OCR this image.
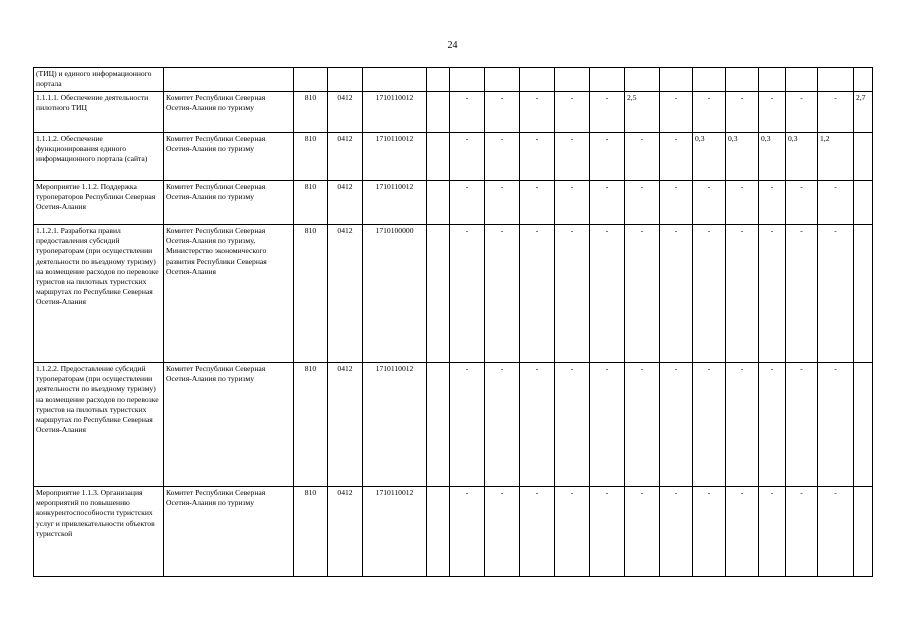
24
(ТИЦ) и единого информационного портала																		
1.1.1.1. Обеспечение деятельности пилотного ТИЦ	Комитет Республики Северная Осетия-Алания по туризму	810	0412	1710110012		-	-	-	-	-	2,5	-	-	-	-	-	-	2,7
1.1.1.2. Обеспечение функционирования единого информационного портала (сайта)	Комитет Республики Северная Осетия-Алания по туризму	810	0412	1710110012		-	-	-	-	-	-	-	0,3	0,3	0,3	0,3	1,2	
Мероприятие 1.1.2. Поддержка туроператоров Республики Северная Осетия-Алания	Комитет Республики Северная Осетия-Алания по туризму	810	0412	1710110012		-	-	-	-	-	-	-	-	-	-	-	-	
1.1.2.1. Разработка правил предоставления субсидий туроператорам (при осуществлении деятельности по въездному туризму) на возмещение расходов по перевозке туристов на пилотных туристских маршрутах по Республике Северная Осетия-Алания	Комитет Республики Северная Осетия-Алания по туризму, Министерство экономического развития Республики Северная Осетия-Алания	810	0412	1710100000		-	-	-	-	-	-	-	-	-	-	-	-	
1.1.2.2. Предоставление субсидий туроператорам (при осуществлении деятельности по въездному туризму) на возмещение расходов по перевозке туристов на пилотных туристских маршрутах по Республике Северная Осетия-Алания	Комитет Республики Северная Осетия-Алания по туризму	810	0412	1710110012		-	-	-	-	-	-	-	-	-	-	-	-	
Мероприятие 1.1.3. Организация мероприятий по повышению конкурентоспособности туристских услуг и привлекательности объектов туристской	Комитет Республики Северная Осетия-Алания по туризму	810	0412	1710110012		-	-	-	-	-	-	-	-	-	-	-	-	
